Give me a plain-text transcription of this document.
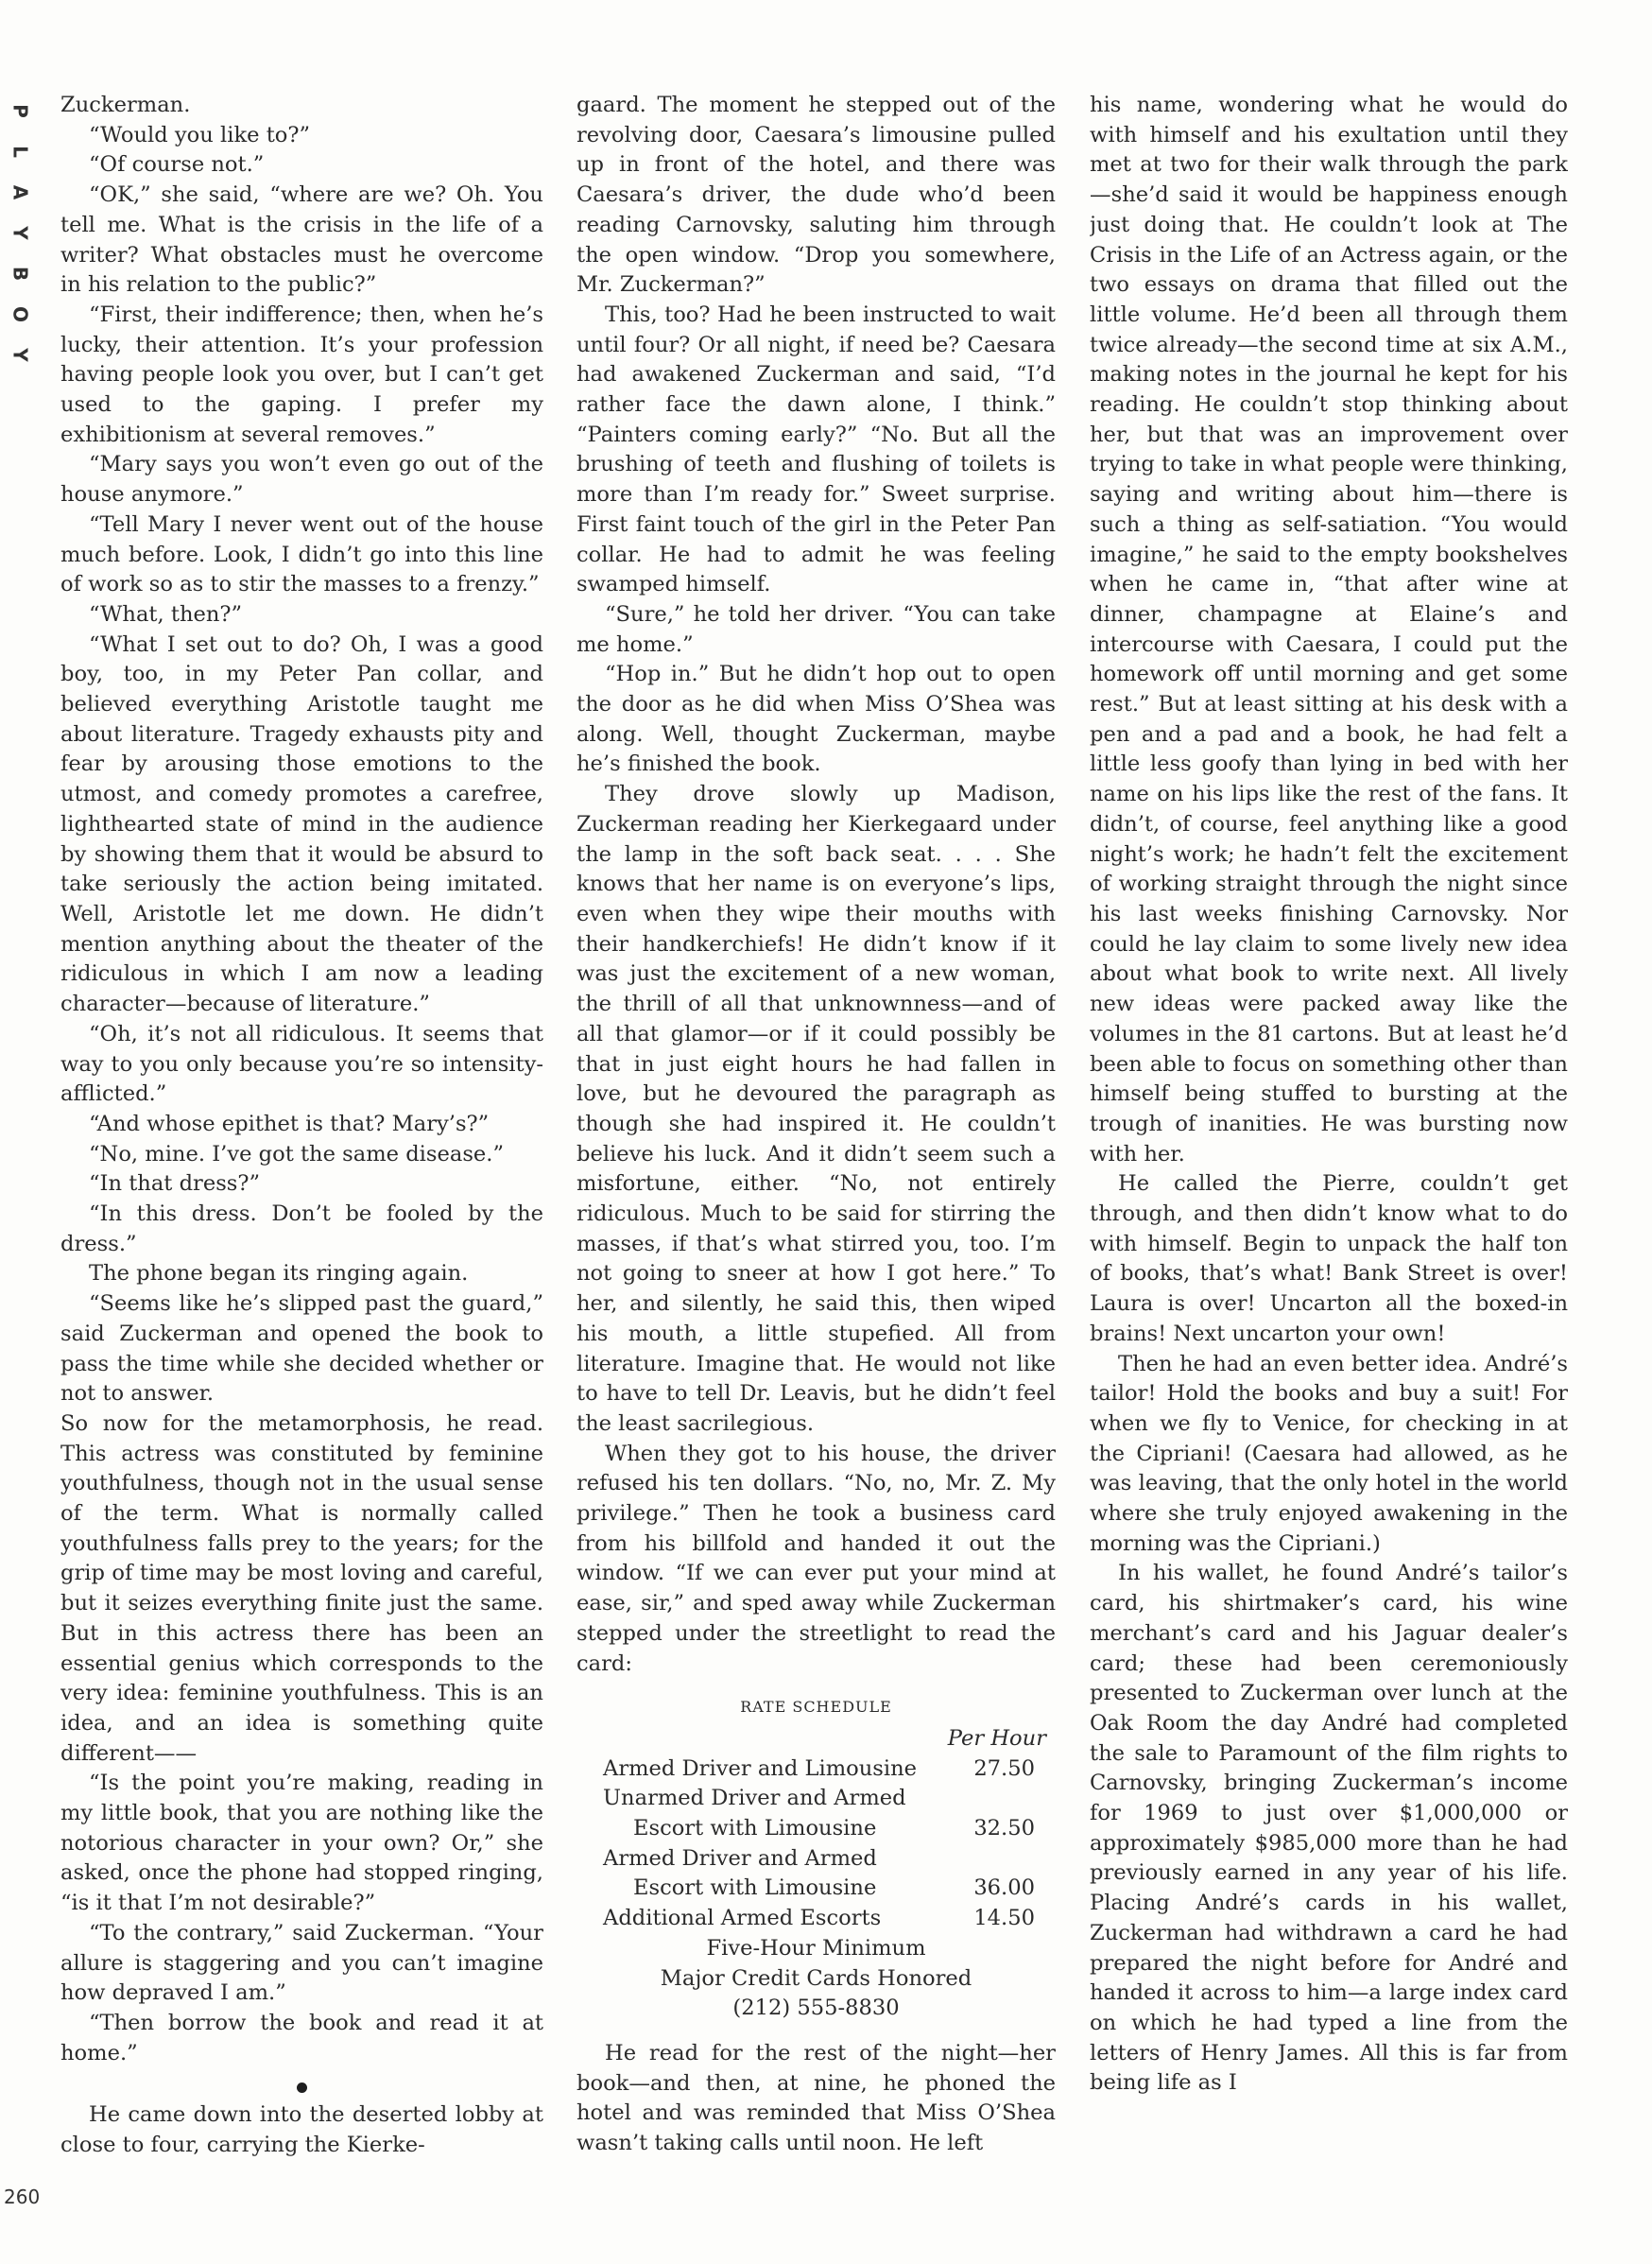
P
L
A
Y
B
O
Y

Zuckerman.

“Would you like to?”

“Of course not.”

“OK,” she said, “where are we? Oh. You tell me. What is the crisis in the life of a writer? What obstacles must he overcome in his relation to the public?”

“First, their indifference; then, when he’s lucky, their attention. It’s your profession having people look you over, but I can’t get used to the gaping. I prefer my exhibitionism at several removes.”

“Mary says you won’t even go out of the house anymore.”

“Tell Mary I never went out of the house much before. Look, I didn’t go into this line of work so as to stir the masses to a frenzy.”

“What, then?”

“What I set out to do? Oh, I was a good boy, too, in my Peter Pan collar, and believed everything Aristotle taught me about literature. Tragedy exhausts pity and fear by arousing those emotions to the utmost, and comedy promotes a carefree, lighthearted state of mind in the audience by showing them that it would be absurd to take seriously the action being imitated. Well, Aristotle let me down. He didn’t mention anything about the theater of the ridiculous in which I am now a leading character—because of literature.”

“Oh, it’s not all ridiculous. It seems that way to you only because you’re so intensity-afflicted.”

“And whose epithet is that? Mary’s?”

“No, mine. I’ve got the same disease.”

“In that dress?”

“In this dress. Don’t be fooled by the dress.”

The phone began its ringing again.

“Seems like he’s slipped past the guard,” said Zuckerman and opened the book to pass the time while she decided whether or not to answer.

So now for the metamorphosis, he read. This actress was constituted by feminine youthfulness, though not in the usual sense of the term. What is normally called youthfulness falls prey to the years; for the grip of time may be most loving and careful, but it seizes everything finite just the same. But in this actress there has been an essential genius which corresponds to the very idea: feminine youthfulness. This is an idea, and an idea is something quite different——

“Is the point you’re making, reading in my little book, that you are nothing like the notorious character in your own? Or,” she asked, once the phone had stopped ringing, “is it that I’m not desirable?”

“To the contrary,” said Zuckerman. “Your allure is staggering and you can’t imagine how depraved I am.”

“Then borrow the book and read it at home.”

He came down into the deserted lobby at close to four, carrying the Kierke-

gaard. The moment he stepped out of the revolving door, Caesara’s limousine pulled up in front of the hotel, and there was Caesara’s driver, the dude who’d been reading Carnovsky, saluting him through the open window. “Drop you somewhere, Mr. Zuckerman?”

This, too? Had he been instructed to wait until four? Or all night, if need be? Caesara had awakened Zuckerman and said, “I’d rather face the dawn alone, I think.” “Painters coming early?” “No. But all the brushing of teeth and flushing of toilets is more than I’m ready for.” Sweet surprise. First faint touch of the girl in the Peter Pan collar. He had to admit he was feeling swamped himself.

“Sure,” he told her driver. “You can take me home.”

“Hop in.” But he didn’t hop out to open the door as he did when Miss O’Shea was along. Well, thought Zuckerman, maybe he’s finished the book.

They drove slowly up Madison, Zuckerman reading her Kierkegaard under the lamp in the soft back seat. . . . She knows that her name is on everyone’s lips, even when they wipe their mouths with their handkerchiefs! He didn’t know if it was just the excitement of a new woman, the thrill of all that unknownness—and of all that glamor—or if it could possibly be that in just eight hours he had fallen in love, but he devoured the paragraph as though she had inspired it. He couldn’t believe his luck. And it didn’t seem such a misfortune, either. “No, not entirely ridiculous. Much to be said for stirring the masses, if that’s what stirred you, too. I’m not going to sneer at how I got here.” To her, and silently, he said this, then wiped his mouth, a little stupefied. All from literature. Imagine that. He would not like to have to tell Dr. Leavis, but he didn’t feel the least sacrilegious.

When they got to his house, the driver refused his ten dollars. “No, no, Mr. Z. My privilege.” Then he took a business card from his billfold and handed it out the window. “If we can ever put your mind at ease, sir,” and sped away while Zuckerman stepped under the streetlight to read the card:

RATE SCHEDULE
Per Hour
Armed Driver and Limousine	27.50
Unarmed Driver and Armed
Escort with Limousine	32.50
Armed Driver and Armed
Escort with Limousine	36.00
Additional Armed Escorts	14.50
Five-Hour Minimum
Major Credit Cards Honored
(212) 555-8830

He read for the rest of the night—her book—and then, at nine, he phoned the hotel and was reminded that Miss O’Shea wasn’t taking calls until noon. He left

his name, wondering what he would do with himself and his exultation until they met at two for their walk through the park—she’d said it would be happiness enough just doing that. He couldn’t look at The Crisis in the Life of an Actress again, or the two essays on drama that filled out the little volume. He’d been all through them twice already—the second time at six A.M., making notes in the journal he kept for his reading. He couldn’t stop thinking about her, but that was an improvement over trying to take in what people were thinking, saying and writing about him—there is such a thing as self-satiation. “You would imagine,” he said to the empty bookshelves when he came in, “that after wine at dinner, champagne at Elaine’s and intercourse with Caesara, I could put the homework off until morning and get some rest.” But at least sitting at his desk with a pen and a pad and a book, he had felt a little less goofy than lying in bed with her name on his lips like the rest of the fans. It didn’t, of course, feel anything like a good night’s work; he hadn’t felt the excitement of working straight through the night since his last weeks finishing Carnovsky. Nor could he lay claim to some lively new idea about what book to write next. All lively new ideas were packed away like the volumes in the 81 cartons. But at least he’d been able to focus on something other than himself being stuffed to bursting at the trough of inanities. He was bursting now with her.

He called the Pierre, couldn’t get through, and then didn’t know what to do with himself. Begin to unpack the half ton of books, that’s what! Bank Street is over! Laura is over! Uncarton all the boxed-in brains! Next uncarton your own!

Then he had an even better idea. André’s tailor! Hold the books and buy a suit! For when we fly to Venice, for checking in at the Cipriani! (Caesara had allowed, as he was leaving, that the only hotel in the world where she truly enjoyed awakening in the morning was the Cipriani.)

In his wallet, he found André’s tailor’s card, his shirtmaker’s card, his wine merchant’s card and his Jaguar dealer’s card; these had been ceremoniously presented to Zuckerman over lunch at the Oak Room the day André had completed the sale to Paramount of the film rights to Carnovsky, bringing Zuckerman’s income for 1969 to just over $1,000,000 or approximately $985,000 more than he had previously earned in any year of his life. Placing André’s cards in his wallet, Zuckerman had withdrawn a card he had prepared the night before for André and handed it across to him—a large index card on which he had typed a line from the letters of Henry James. All this is far from being life as I

260
